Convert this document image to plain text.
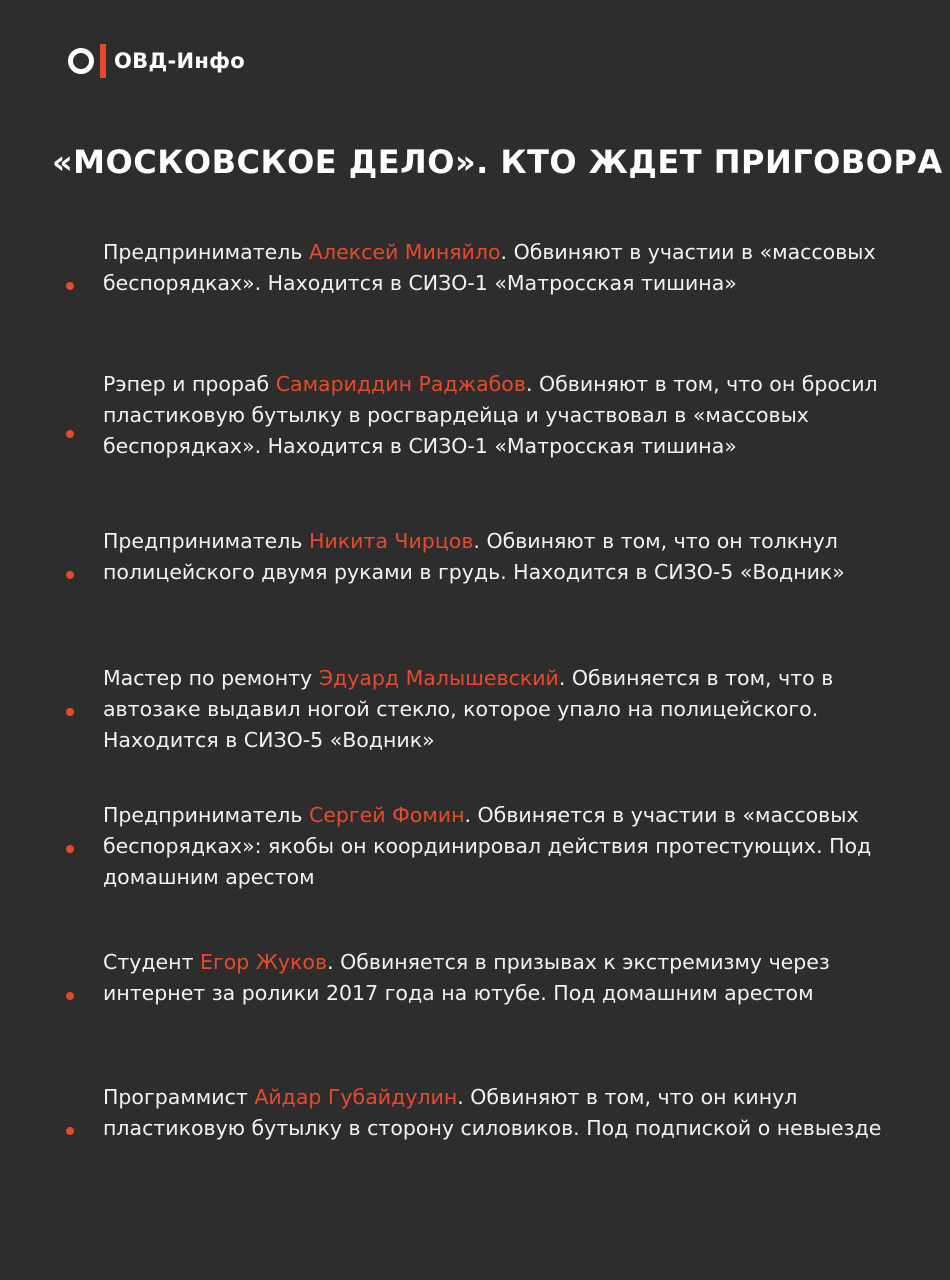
ОВД-Инфо
«МОСКОВСКОЕ ДЕЛО». КТО ЖДЕТ ПРИГОВОРА
Предприниматель Алексей Миняйло. Обвиняют в участии в «массовых беспорядках». Находится в СИЗО-1 «Матросская тишина»
Рэпер и прораб Самариддин Раджабов. Обвиняют в том, что он бросил пластиковую бутылку в росгвардейца и участвовал в «массовых беспорядках». Находится в СИЗО-1 «Матросская тишина»
Предприниматель Никита Чирцов. Обвиняют в том, что он толкнул полицейского двумя руками в грудь. Находится в СИЗО-5 «Водник»
Мастер по ремонту Эдуард Малышевский. Обвиняется в том, что в автозаке выдавил ногой стекло, которое упало на полицейского. Находится в СИЗО-5 «Водник»
Предприниматель Сергей Фомин. Обвиняется в участии в «массовых беспорядках»: якобы он координировал действия протестующих. Под домашним арестом
Студент Егор Жуков. Обвиняется в призывах к экстремизму через интернет за ролики 2017 года на ютубе. Под домашним арестом
Программист Айдар Губайдулин. Обвиняют в том, что он кинул пластиковую бутылку в сторону силовиков. Под подпиской о невыезде
